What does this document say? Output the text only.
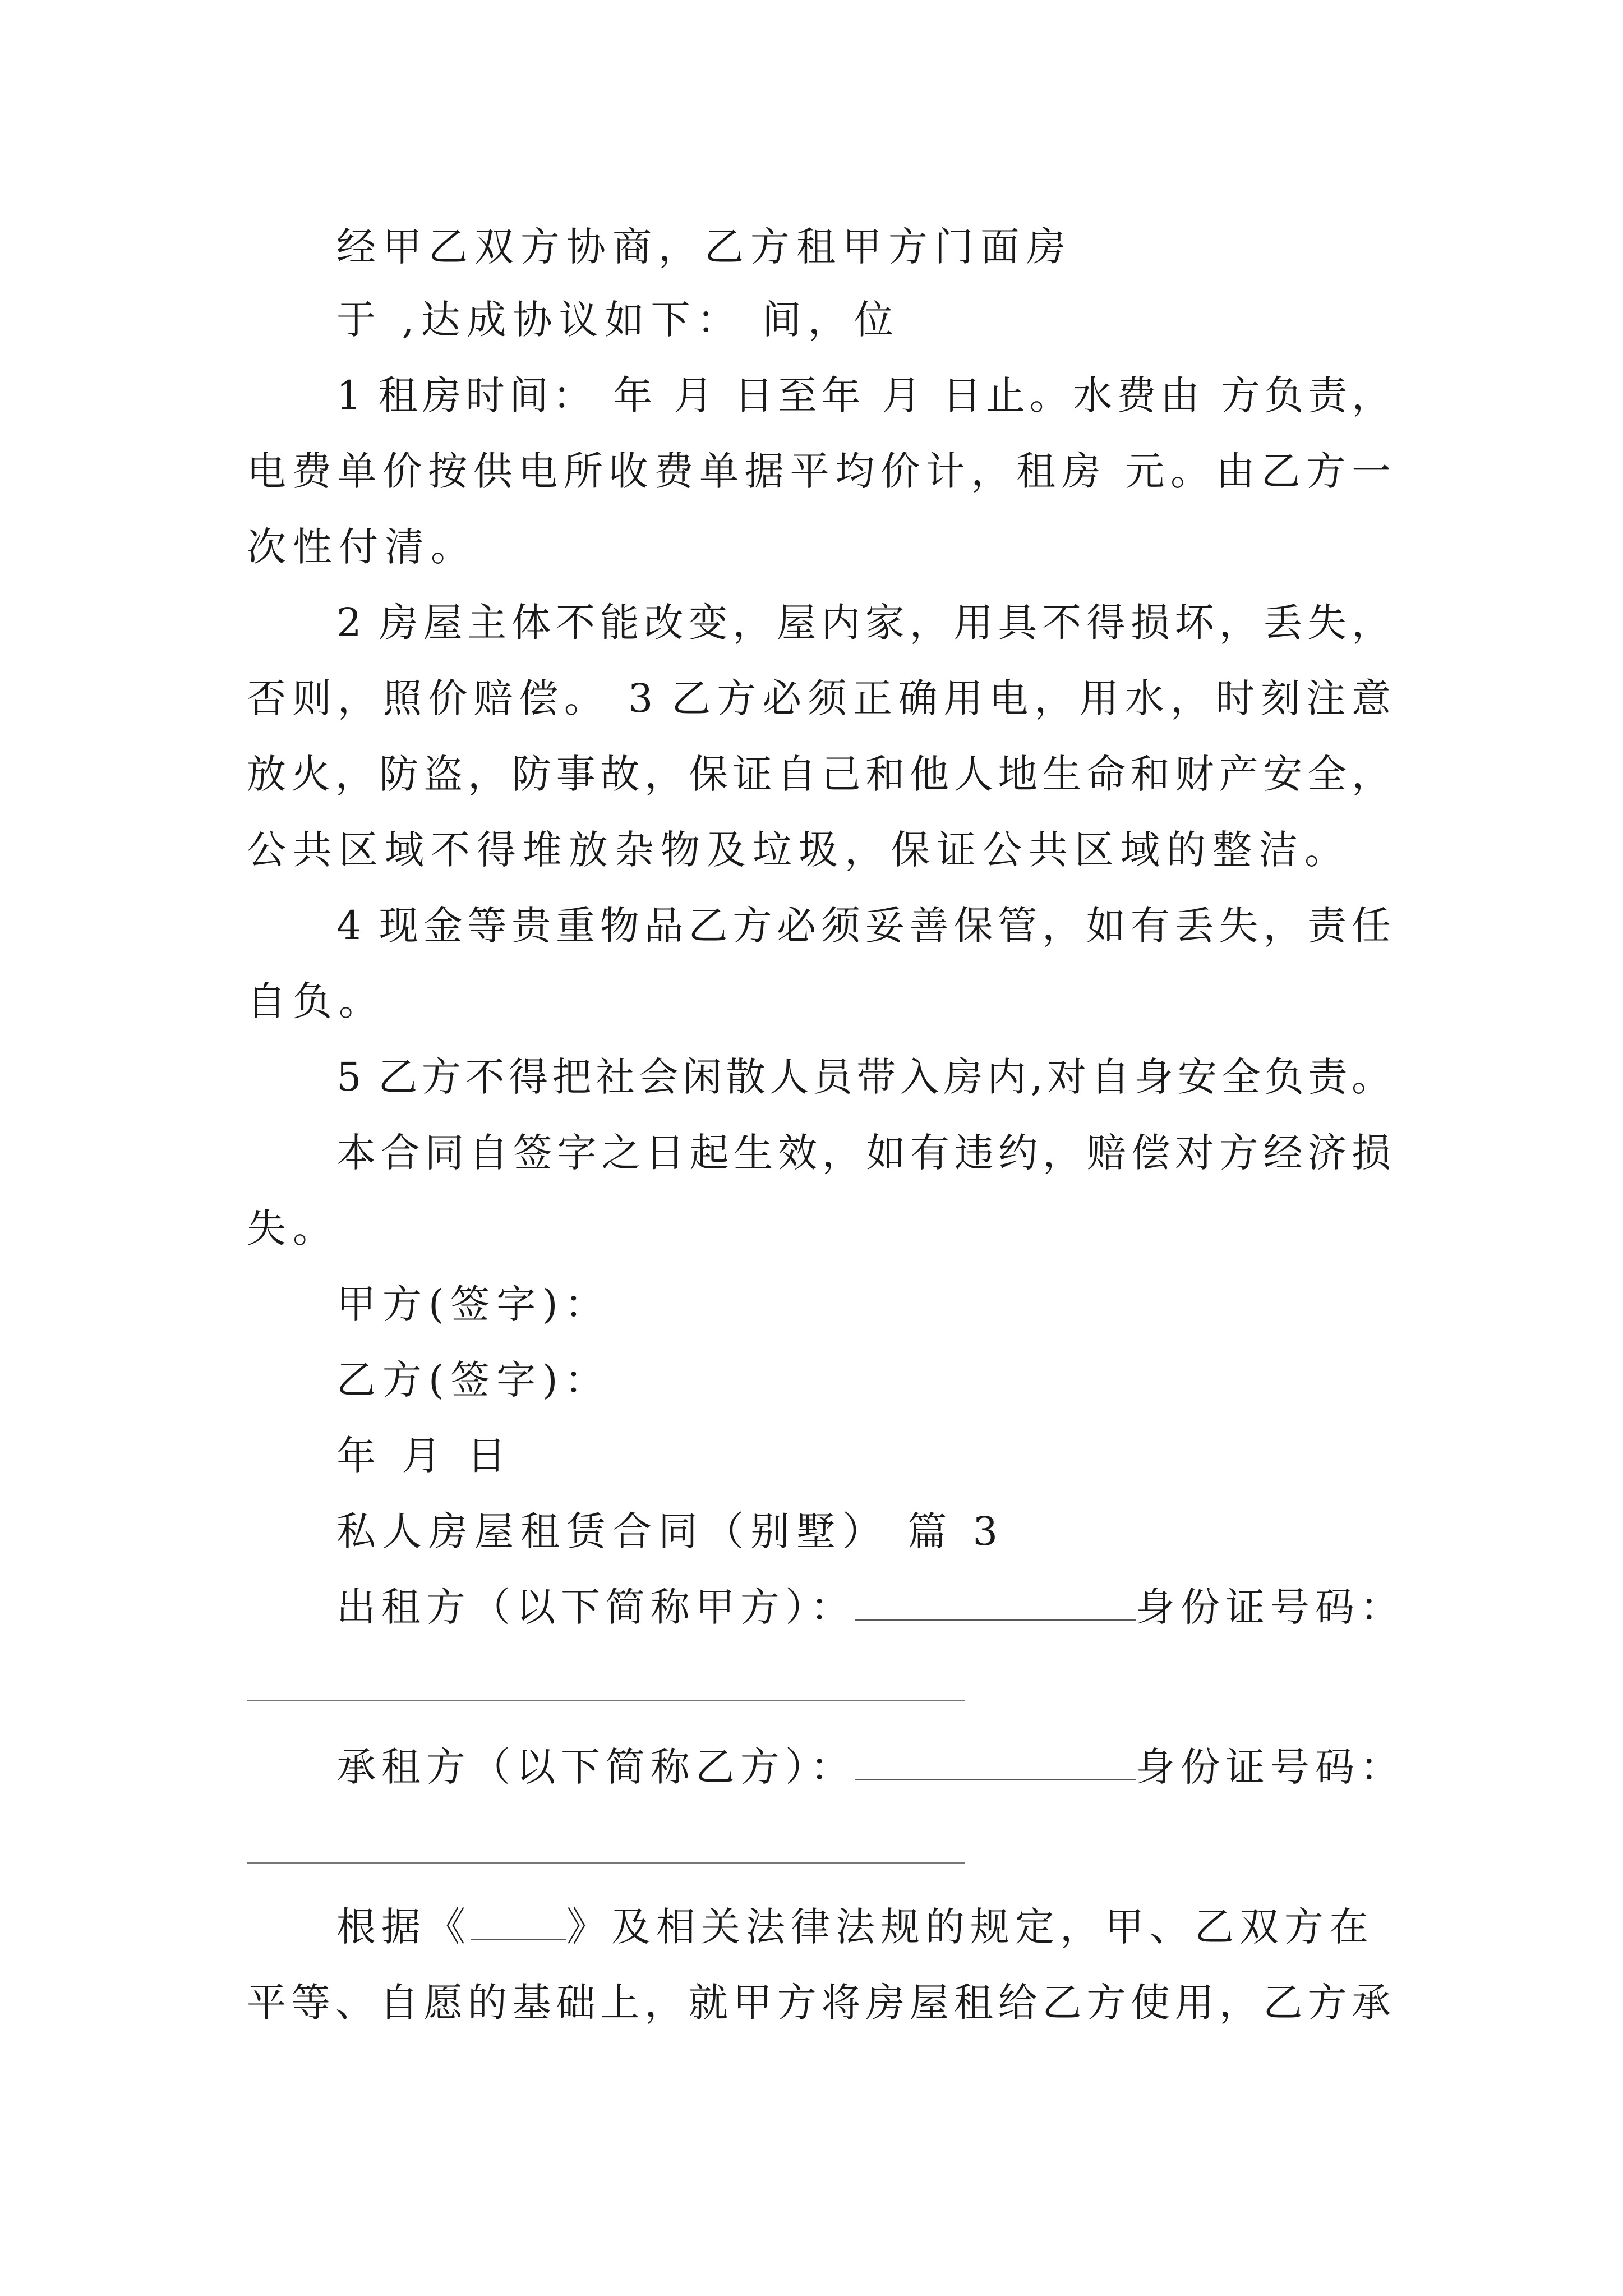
经甲乙双方协商，乙方租甲方门面房
于 ,达成协议如下： 间，位
1 租房时间： 年 月 日至年 月 日止。水费由 方负责，
电费单价按供电所收费单据平均价计，租房 元。由乙方一
次性付清。
2 房屋主体不能改变，屋内家，用具不得损坏，丢失，
否则，照价赔偿。 3 乙方必须正确用电，用水，时刻注意
放火，防盗，防事故，保证自己和他人地生命和财产安全，
公共区域不得堆放杂物及垃圾，保证公共区域的整洁。
4 现金等贵重物品乙方必须妥善保管，如有丢失，责任
自负。
5 乙方不得把社会闲散人员带入房内,对自身安全负责。
本合同自签字之日起生效，如有违约，赔偿对方经济损
失。
甲方(签字)：
乙方(签字)：
年 月 日
私人房屋租赁合同（别墅） 篇 3
出租方（以下简称甲方）：	身份证号码：
承租方（以下简称乙方）：	身份证号码：
根据《 》及相关法律法规的规定，甲、乙双方在
平等、自愿的基础上，就甲方将房屋租给乙方使用，乙方承
